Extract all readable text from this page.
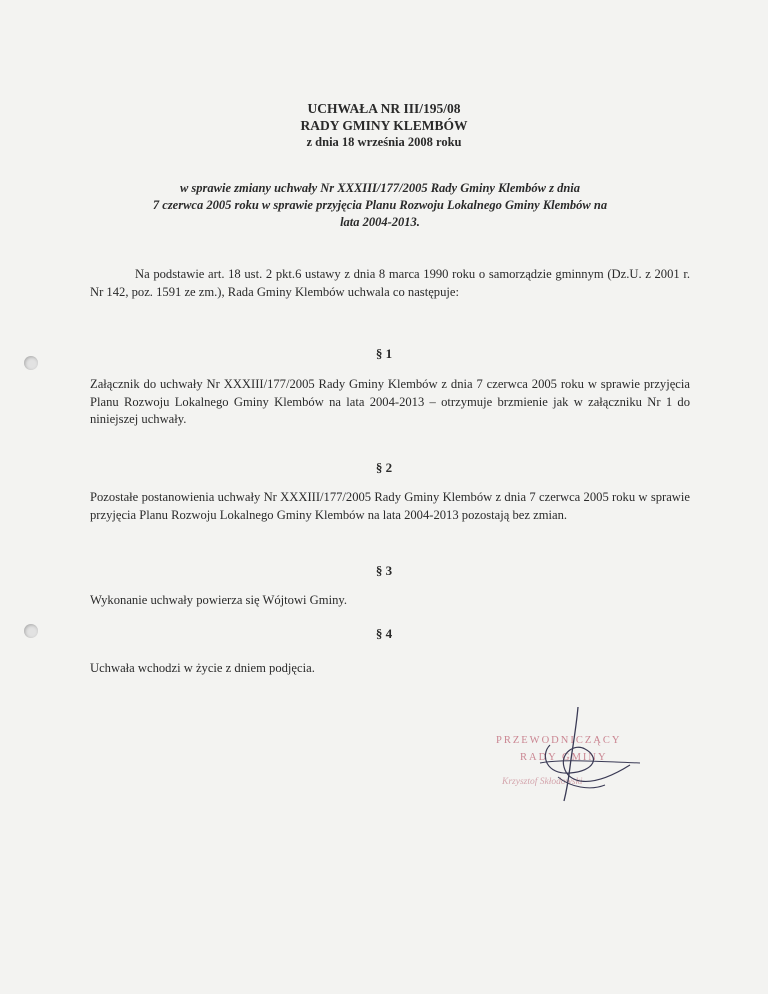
UCHWAŁA NR III/195/08
RADY GMINY KLEMBÓW
z dnia 18 września 2008 roku
w sprawie zmiany uchwały Nr XXXIII/177/2005 Rady Gminy Klembów z dnia
7 czerwca 2005 roku w sprawie przyjęcia Planu Rozwoju Lokalnego Gminy Klembów na
lata 2004-2013.
Na podstawie art. 18 ust. 2 pkt.6 ustawy z dnia 8 marca 1990 roku o samorządzie gminnym (Dz.U. z 2001 r. Nr 142, poz. 1591 ze zm.), Rada Gminy Klembów uchwala co następuje:
§ 1
Załącznik do uchwały Nr XXXIII/177/2005 Rady Gminy Klembów z dnia 7 czerwca 2005 roku w sprawie przyjęcia Planu Rozwoju Lokalnego Gminy Klembów na lata 2004-2013 – otrzymuje brzmienie jak w załączniku Nr 1 do niniejszej uchwały.
§ 2
Pozostałe postanowienia uchwały Nr XXXIII/177/2005 Rady Gminy Klembów z dnia 7 czerwca 2005 roku w sprawie przyjęcia Planu Rozwoju Lokalnego Gminy Klembów na lata 2004-2013 pozostają bez zmian.
§ 3
Wykonanie uchwały powierza się Wójtowi Gminy.
§ 4
Uchwała wchodzi w życie z dniem podjęcia.
PRZEWODNICZĄCY
RADY GMINY
Krzysztof Skłodowski
